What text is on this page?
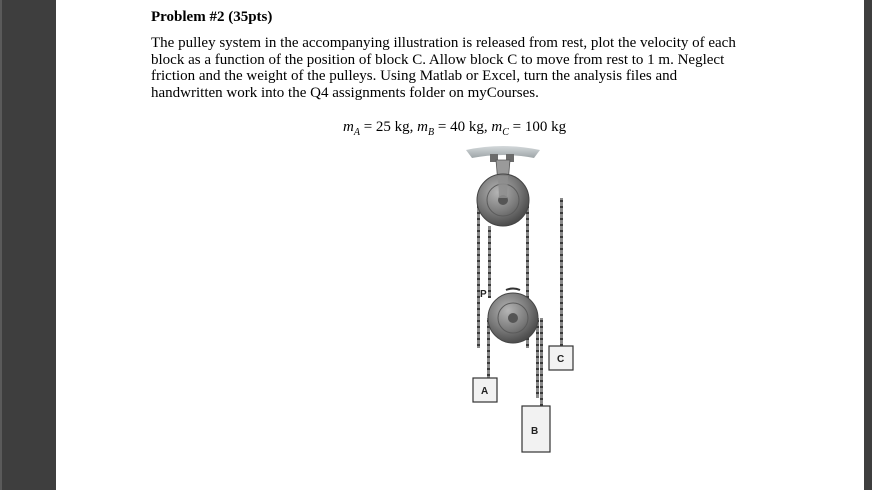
Problem #2 (35pts)
The pulley system in the accompanying illustration is released from rest, plot the velocity of each
block as a function of the position of block C. Allow block C to move from rest to 1 m. Neglect
friction and the weight of the pulleys. Using Matlab or Excel, turn the analysis files and
handwritten work into the Q4 assignments folder on myCourses.
$m_A = 25$ kg, $m_B = 40$ kg, $m_C = 100$ kg
P
A
C
B
